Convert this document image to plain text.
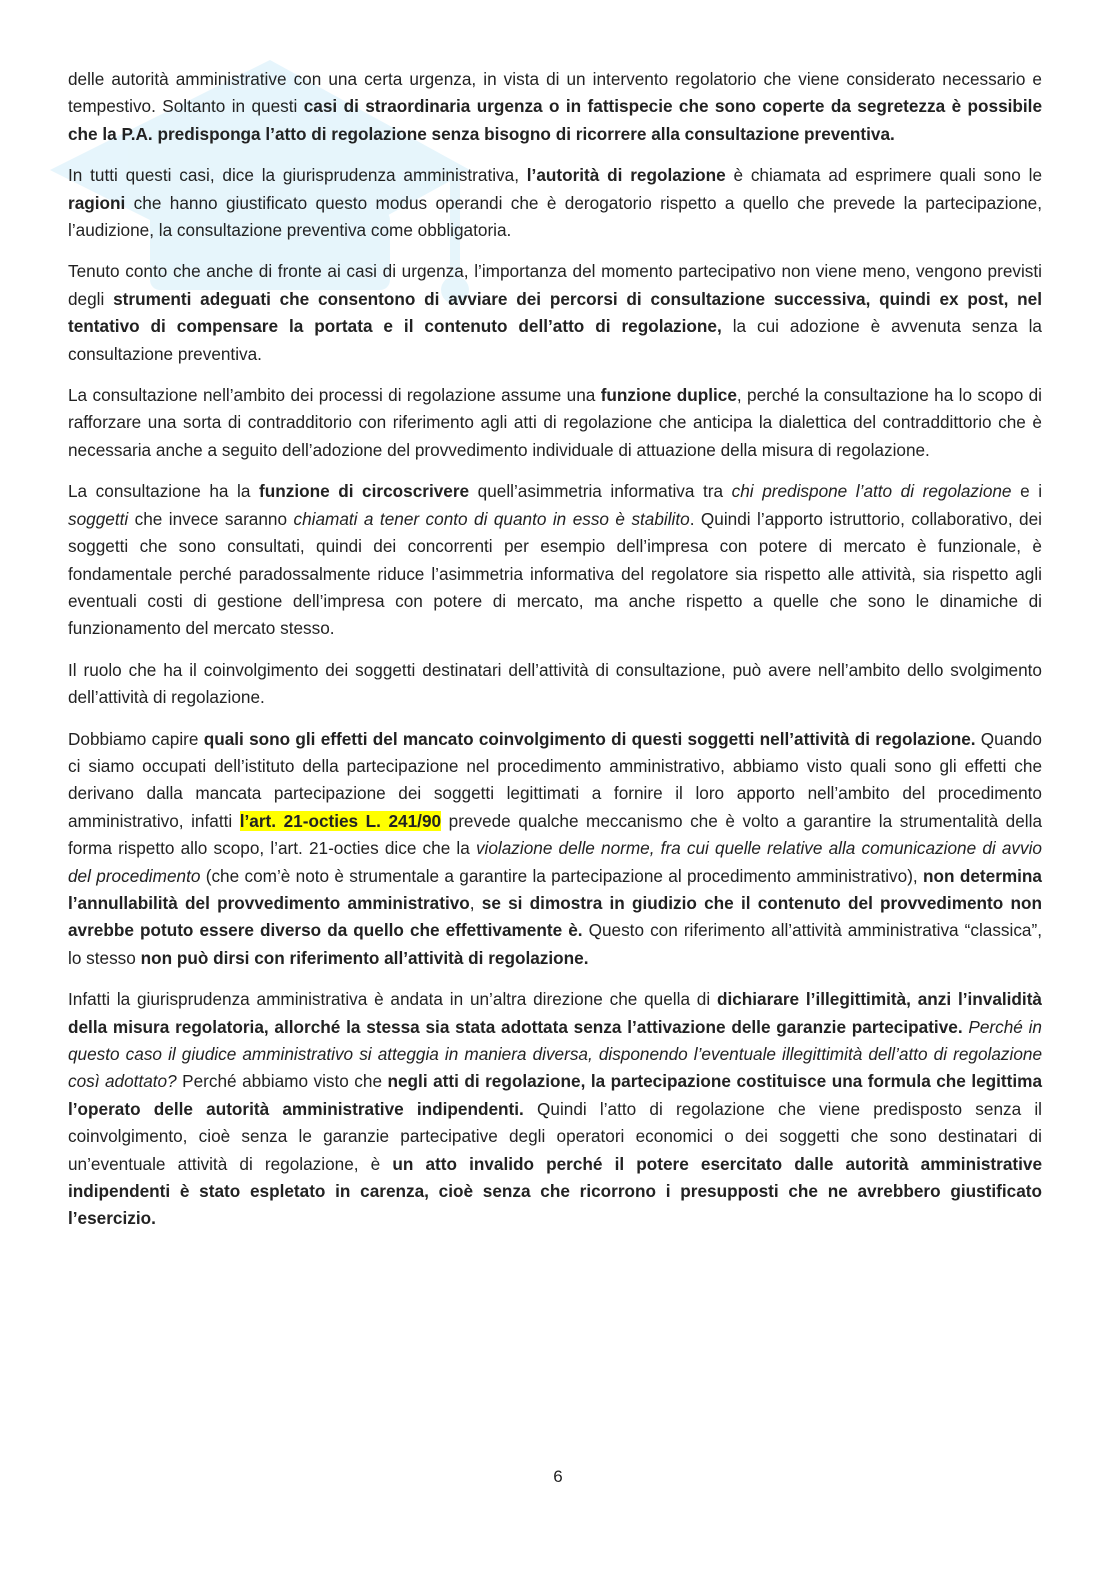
delle autorità amministrative con una certa urgenza, in vista di un intervento regolatorio che viene considerato necessario e tempestivo. Soltanto in questi casi di straordinaria urgenza o in fattispecie che sono coperte da segretezza è possibile che la P.A. predisponga l’atto di regolazione senza bisogno di ricorrere alla consultazione preventiva.

In tutti questi casi, dice la giurisprudenza amministrativa, l’autorità di regolazione è chiamata ad esprimere quali sono le ragioni che hanno giustificato questo modus operandi che è derogatorio rispetto a quello che prevede la partecipazione, l’audizione, la consultazione preventiva come obbligatoria.

Tenuto conto che anche di fronte ai casi di urgenza, l’importanza del momento partecipativo non viene meno, vengono previsti degli strumenti adeguati che consentono di avviare dei percorsi di consultazione successiva, quindi ex post, nel tentativo di compensare la portata e il contenuto dell’atto di regolazione, la cui adozione è avvenuta senza la consultazione preventiva.

La consultazione nell’ambito dei processi di regolazione assume una funzione duplice, perché la consultazione ha lo scopo di rafforzare una sorta di contradditorio con riferimento agli atti di regolazione che anticipa la dialettica del contraddittorio che è necessaria anche a seguito dell’adozione del provvedimento individuale di attuazione della misura di regolazione.

La consultazione ha la funzione di circoscrivere quell’asimmetria informativa tra chi predispone l’atto di regolazione e i soggetti che invece saranno chiamati a tener conto di quanto in esso è stabilito. Quindi l’apporto istruttorio, collaborativo, dei soggetti che sono consultati, quindi dei concorrenti per esempio dell’impresa con potere di mercato è funzionale, è fondamentale perché paradossalmente riduce l’asimmetria informativa del regolatore sia rispetto alle attività, sia rispetto agli eventuali costi di gestione dell’impresa con potere di mercato, ma anche rispetto a quelle che sono le dinamiche di funzionamento del mercato stesso.

Il ruolo che ha il coinvolgimento dei soggetti destinatari dell’attività di consultazione, può avere nell’ambito dello svolgimento dell’attività di regolazione.

Dobbiamo capire quali sono gli effetti del mancato coinvolgimento di questi soggetti nell’attività di regolazione. Quando ci siamo occupati dell’istituto della partecipazione nel procedimento amministrativo, abbiamo visto quali sono gli effetti che derivano dalla mancata partecipazione dei soggetti legittimati a fornire il loro apporto nell’ambito del procedimento amministrativo, infatti l’art. 21-octies L. 241/90 prevede qualche meccanismo che è volto a garantire la strumentalità della forma rispetto allo scopo, l’art. 21-octies dice che la violazione delle norme, fra cui quelle relative alla comunicazione di avvio del procedimento (che com’è noto è strumentale a garantire la partecipazione al procedimento amministrativo), non determina l’annullabilità del provvedimento amministrativo, se si dimostra in giudizio che il contenuto del provvedimento non avrebbe potuto essere diverso da quello che effettivamente è. Questo con riferimento all’attività amministrativa “classica”, lo stesso non può dirsi con riferimento all’attività di regolazione.

Infatti la giurisprudenza amministrativa è andata in un’altra direzione che quella di dichiarare l’illegittimità, anzi l’invalidità della misura regolatoria, allorché la stessa sia stata adottata senza l’attivazione delle garanzie partecipative. Perché in questo caso il giudice amministrativo si atteggia in maniera diversa, disponendo l’eventuale illegittimità dell’atto di regolazione così adottato? Perché abbiamo visto che negli atti di regolazione, la partecipazione costituisce una formula che legittima l’operato delle autorità amministrative indipendenti. Quindi l’atto di regolazione che viene predisposto senza il coinvolgimento, cioè senza le garanzie partecipative degli operatori economici o dei soggetti che sono destinatari di un’eventuale attività di regolazione, è un atto invalido perché il potere esercitato dalle autorità amministrative indipendenti è stato espletato in carenza, cioè senza che ricorrono i presupposti che ne avrebbero giustificato l’esercizio.

6
